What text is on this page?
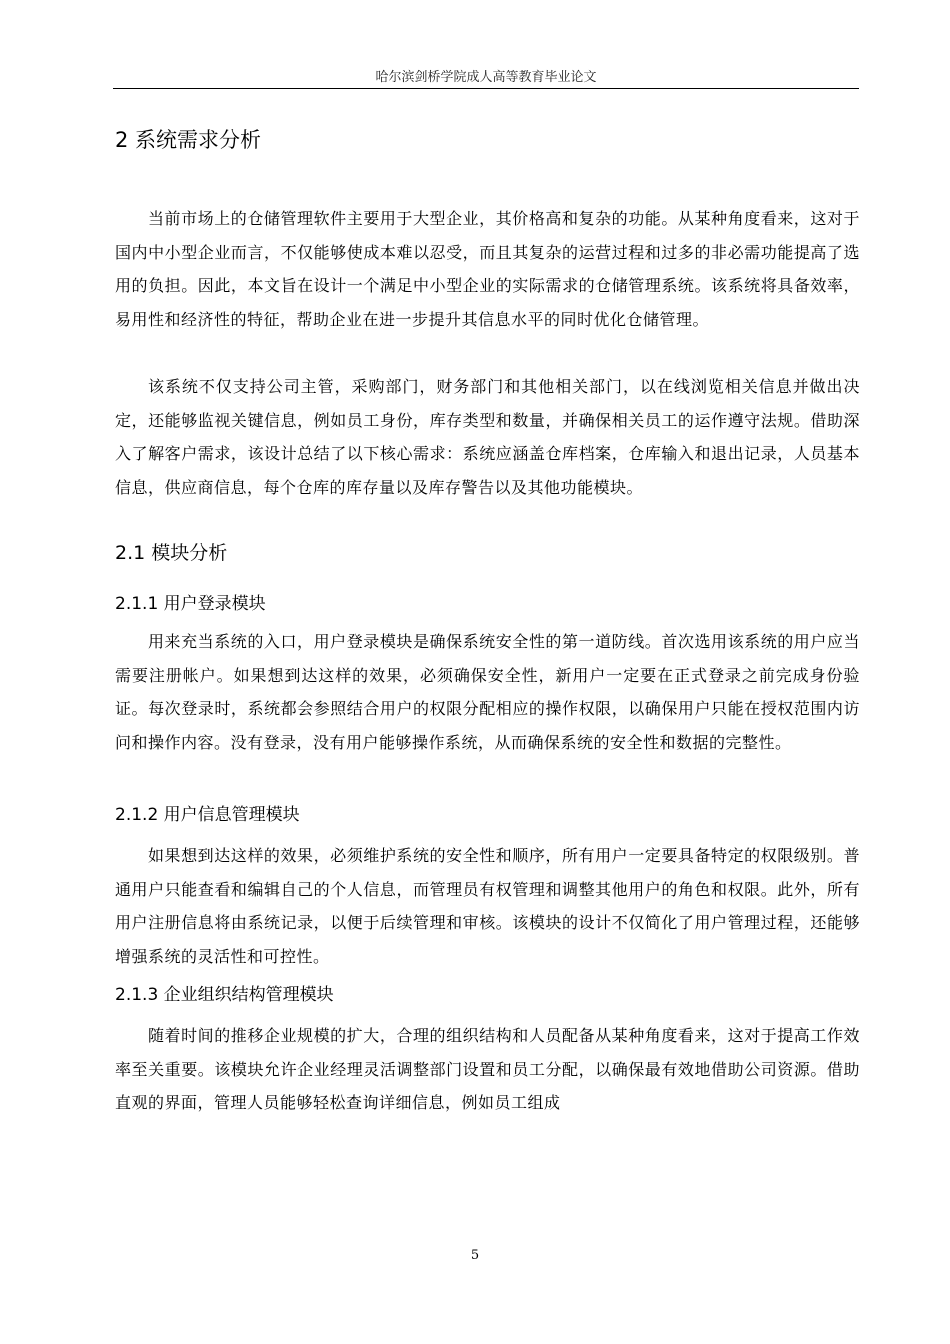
哈尔滨剑桥学院成人高等教育毕业论文
2 系统需求分析

当前市场上的仓储管理软件主要用于大型企业，其价格高和复杂的功能。从某种角度看来，这对于国内中小型企业而言，不仅能够使成本难以忍受，而且其复杂的运营过程和过多的非必需功能提高了选用的负担。因此，本文旨在设计一个满足中小型企业的实际需求的仓储管理系统。该系统将具备效率，易用性和经济性的特征，帮助企业在进一步提升其信息水平的同时优化仓储管理。

该系统不仅支持公司主管，采购部门，财务部门和其他相关部门，以在线浏览相关信息并做出决定，还能够监视关键信息，例如员工身份，库存类型和数量，并确保相关员工的运作遵守法规。借助深入了解客户需求，该设计总结了以下核心需求：系统应涵盖仓库档案，仓库输入和退出记录，人员基本信息，供应商信息，每个仓库的库存量以及库存警告以及其他功能模块。

2.1 模块分析
2.1.1 用户登录模块

用来充当系统的入口，用户登录模块是确保系统安全性的第一道防线。首次选用该系统的用户应当需要注册帐户。如果想到达这样的效果，必须确保安全性，新用户一定要在正式登录之前完成身份验证。每次登录时，系统都会参照结合用户的权限分配相应的操作权限，以确保用户只能在授权范围内访问和操作内容。没有登录，没有用户能够操作系统，从而确保系统的安全性和数据的完整性。

2.1.2 用户信息管理模块

如果想到达这样的效果，必须维护系统的安全性和顺序，所有用户一定要具备特定的权限级别。普通用户只能查看和编辑自己的个人信息，而管理员有权管理和调整其他用户的角色和权限。此外，所有用户注册信息将由系统记录，以便于后续管理和审核。该模块的设计不仅简化了用户管理过程，还能够增强系统的灵活性和可控性。

2.1.3 企业组织结构管理模块

随着时间的推移企业规模的扩大，合理的组织结构和人员配备从某种角度看来，这对于提高工作效率至关重要。该模块允许企业经理灵活调整部门设置和员工分配，以确保最有效地借助公司资源。借助直观的界面，管理人员能够轻松查询详细信息，例如员工组成

5
